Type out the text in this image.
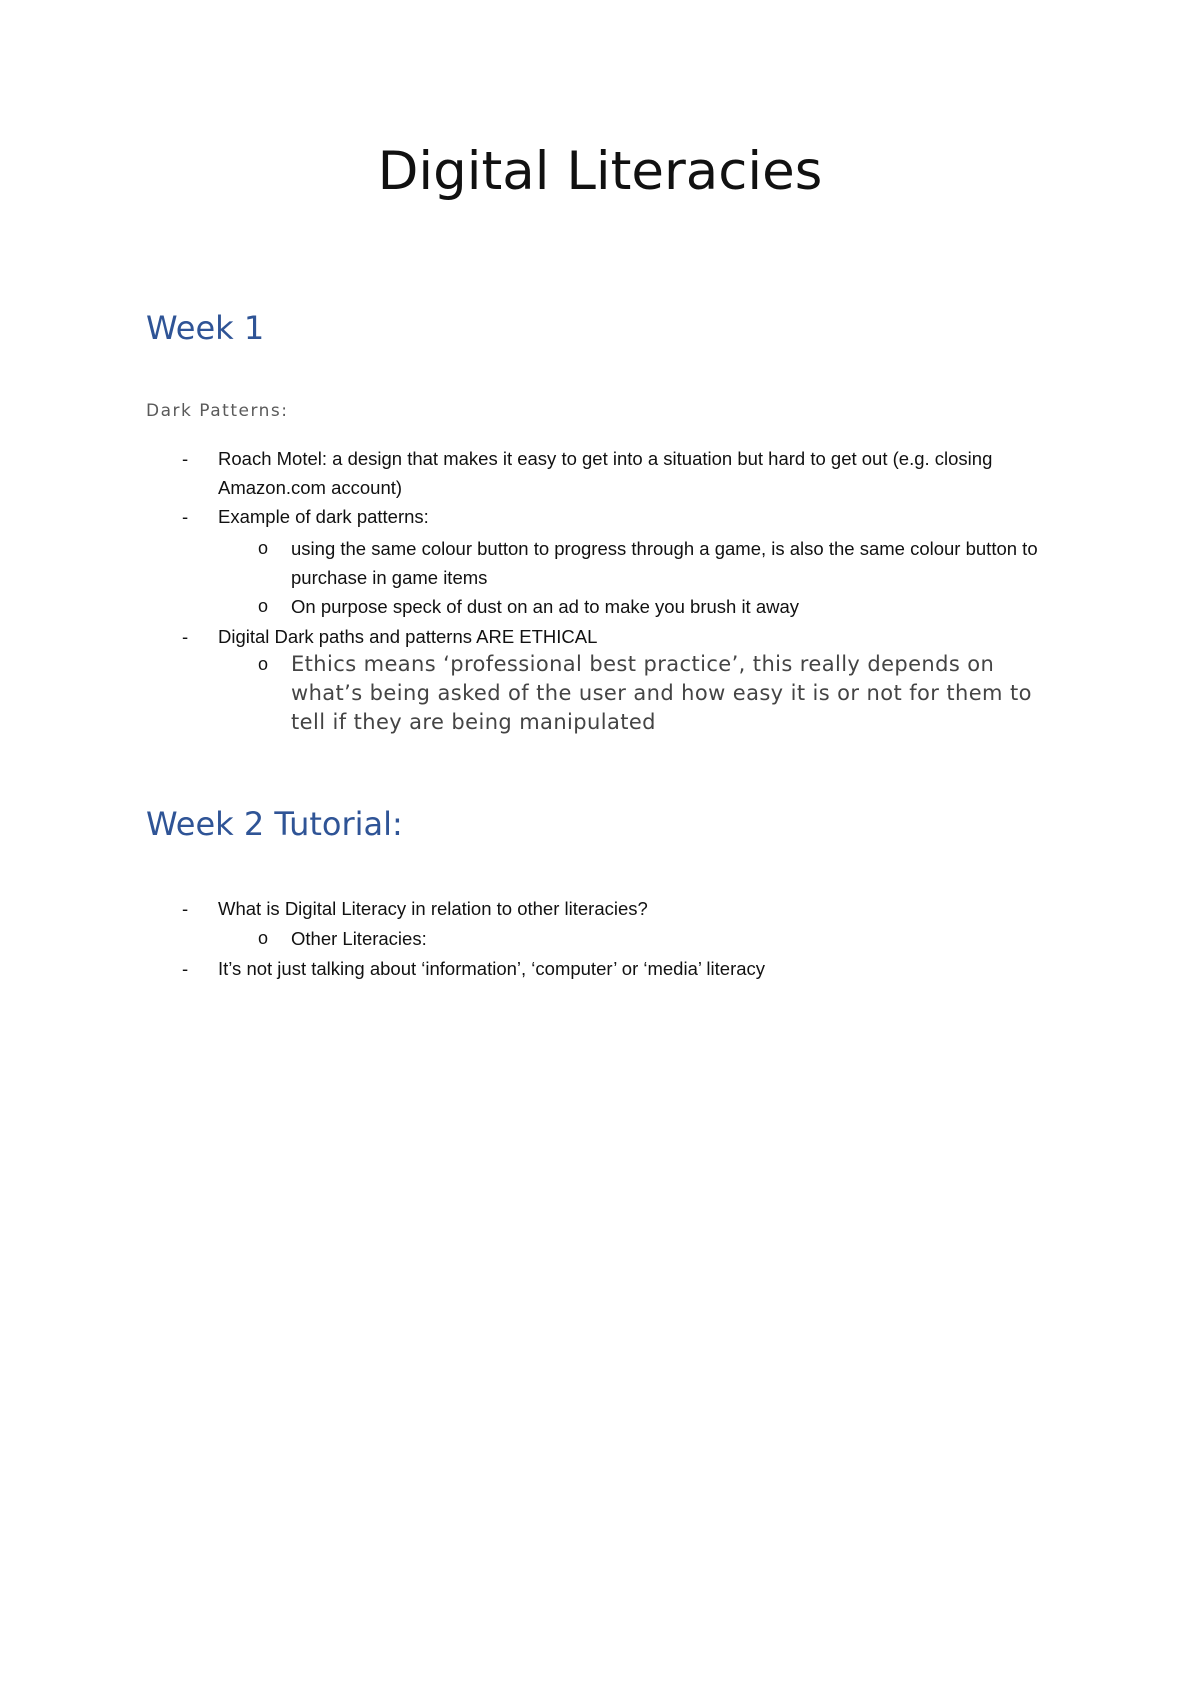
Digital Literacies
Week 1
Dark Patterns:
-	Roach Motel: a design that makes it easy to get into a situation but hard to get out (e.g. closing Amazon.com account)
-	Example of dark patterns:
o	using the same colour button to progress through a game, is also the same colour button to purchase in game items
o	On purpose speck of dust on an ad to make you brush it away
-	Digital Dark paths and patterns ARE ETHICAL
o	Ethics means ‘professional best practice’, this really depends on what’s being asked of the user and how easy it is or not for them to tell if they are being manipulated
Week 2 Tutorial:
-	What is Digital Literacy in relation to other literacies?
o	Other Literacies:
-	It’s not just talking about ‘information’, ‘computer’ or ‘media’ literacy
